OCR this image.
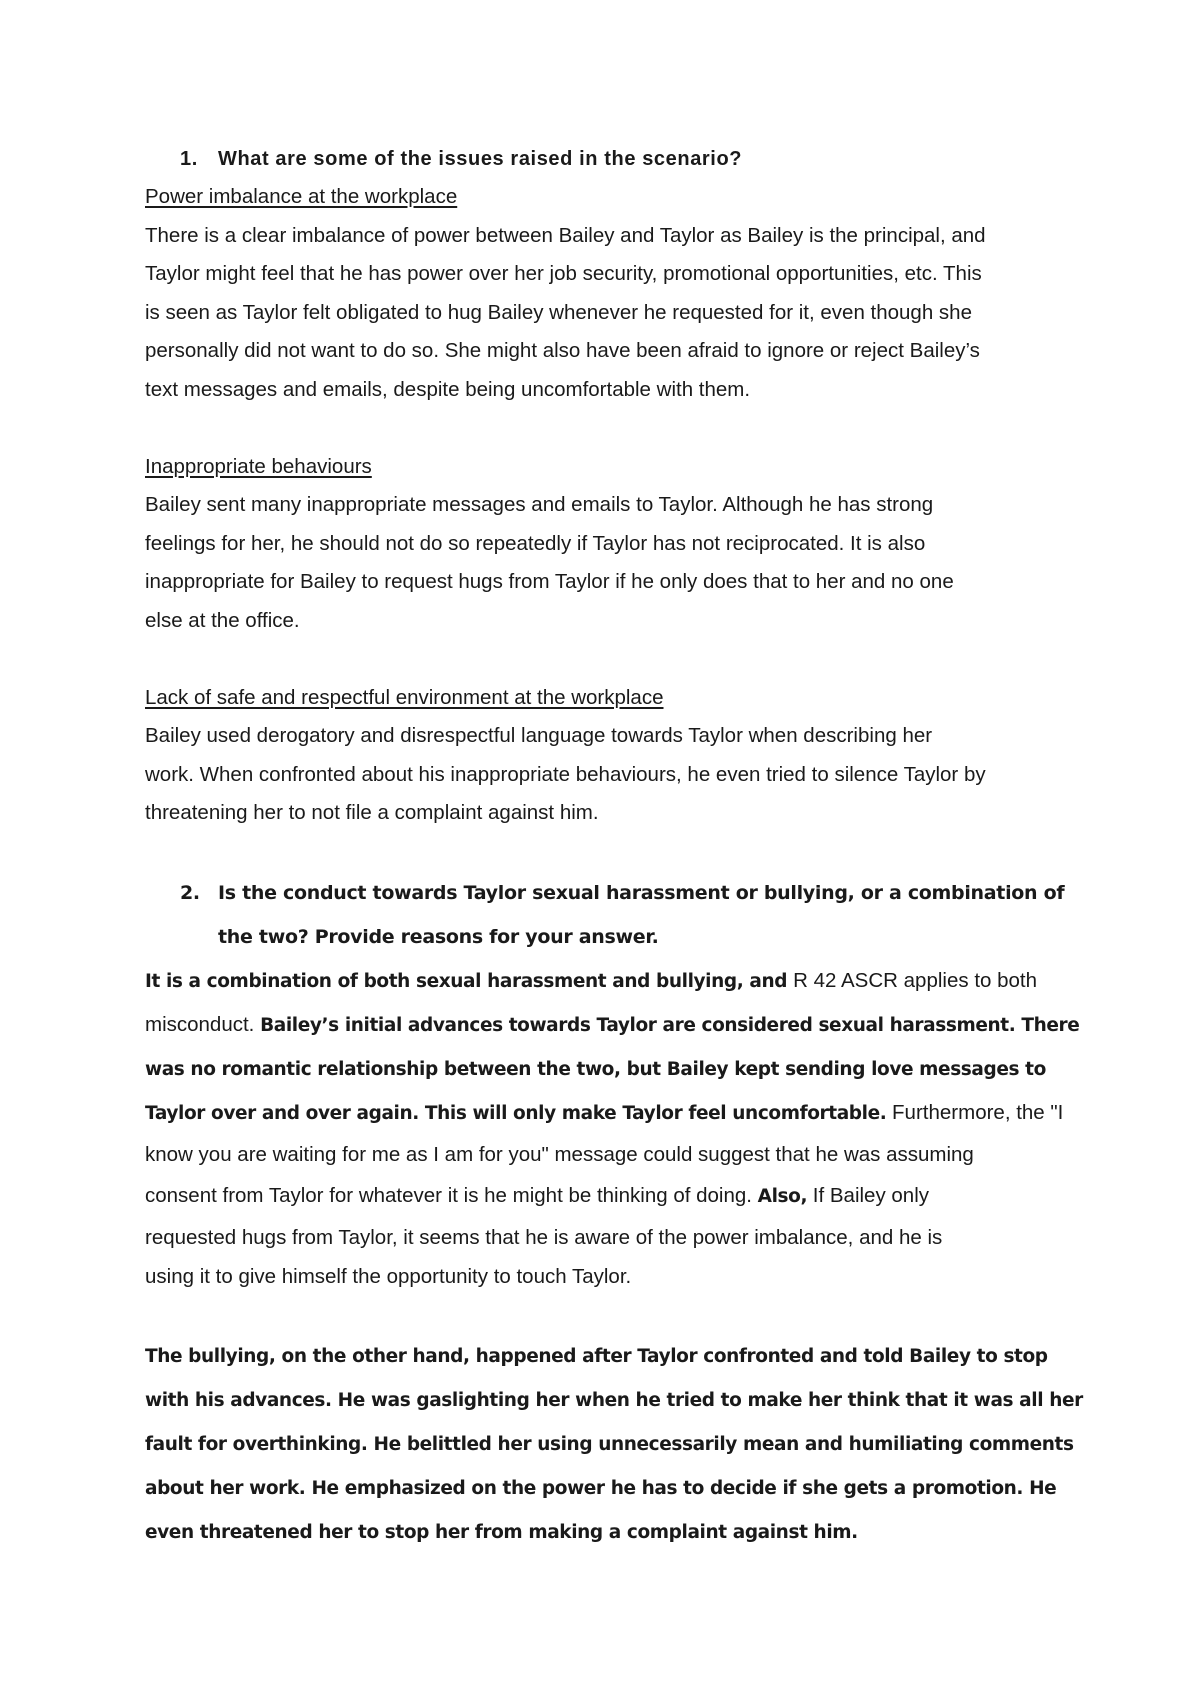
1.	What are some of the issues raised in the scenario?
Power imbalance at the workplace
There is a clear imbalance of power between Bailey and Taylor as Bailey is the principal, and
Taylor might feel that he has power over her job security, promotional opportunities, etc. This
is seen as Taylor felt obligated to hug Bailey whenever he requested for it, even though she
personally did not want to do so. She might also have been afraid to ignore or reject Bailey’s
text messages and emails, despite being uncomfortable with them.
Inappropriate behaviours
Bailey sent many inappropriate messages and emails to Taylor. Although he has strong
feelings for her, he should not do so repeatedly if Taylor has not reciprocated. It is also
inappropriate for Bailey to request hugs from Taylor if he only does that to her and no one
else at the office.
Lack of safe and respectful environment at the workplace
Bailey used derogatory and disrespectful language towards Taylor when describing her
work. When confronted about his inappropriate behaviours, he even tried to silence Taylor by
threatening her to not file a complaint against him.
2. Is the conduct towards Taylor sexual harassment or bullying, or a combination of
the two? Provide reasons for your answer.
It is a combination of both sexual harassment and bullying, and R 42 ASCR applies to both
misconduct. Bailey’s initial advances towards Taylor are considered sexual harassment. There
was no romantic relationship between the two, but Bailey kept sending love messages to
Taylor over and over again. This will only make Taylor feel uncomfortable. Furthermore, the "I
know you are waiting for me as I am for you" message could suggest that he was assuming
consent from Taylor for whatever it is he might be thinking of doing. Also, If Bailey only
requested hugs from Taylor, it seems that he is aware of the power imbalance, and he is
using it to give himself the opportunity to touch Taylor.
The bullying, on the other hand, happened after Taylor confronted and told Bailey to stop
with his advances. He was gaslighting her when he tried to make her think that it was all her
fault for overthinking. He belittled her using unnecessarily mean and humiliating comments
about her work. He emphasized on the power he has to decide if she gets a promotion. He
even threatened her to stop her from making a complaint against him.
